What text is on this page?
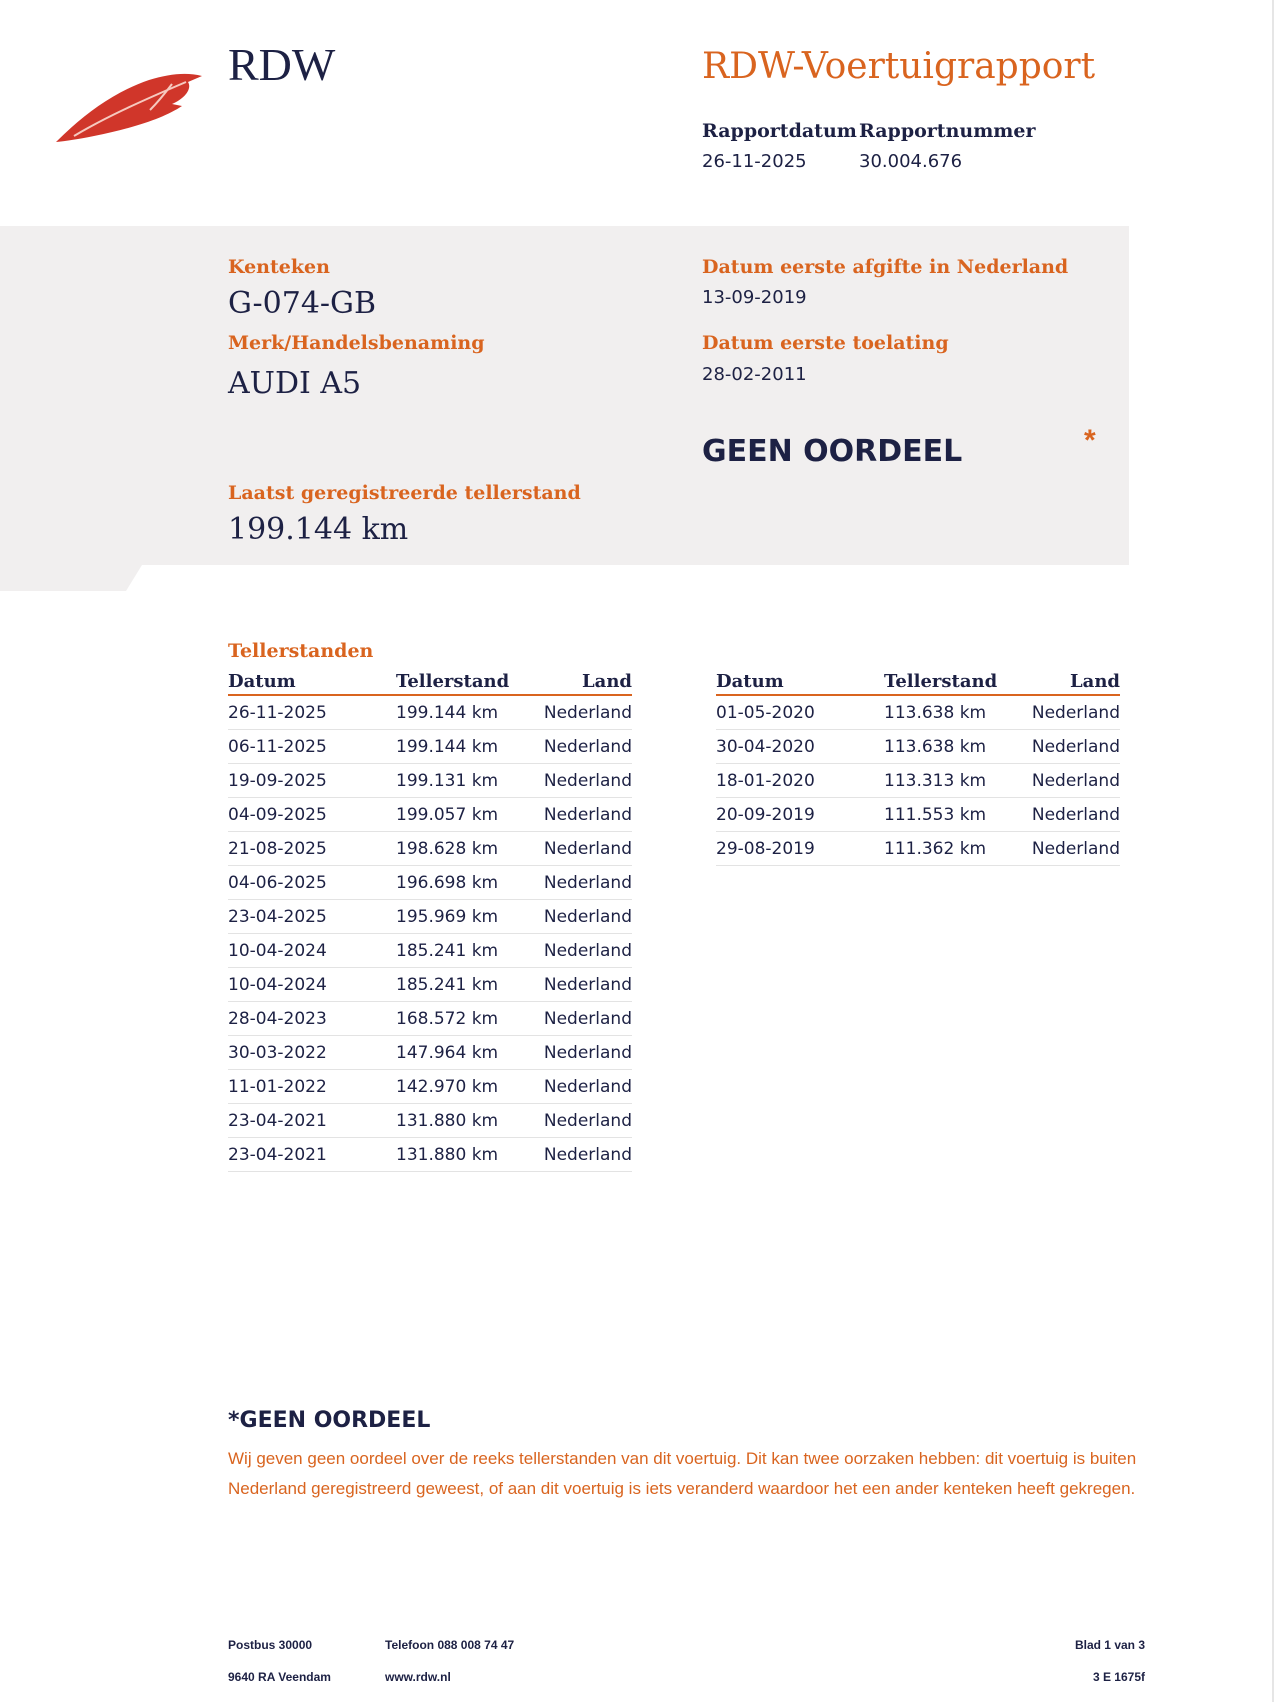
RDW	RDW-Voertuigrapport
Rapportdatum
26-11-2025
Rapportnummer
30.004.676
Kenteken
G-074-GB
Merk/Handelsbenaming
AUDI A5
Datum eerste afgifte in Nederland
13-09-2019
Datum eerste toelating
28-02-2011
GEEN OORDEEL	*
Laatst geregistreerde tellerstand
199.144 km
Tellerstanden
Datum	Tellerstand	Land
26-11-2025	199.144 km	Nederland
06-11-2025	199.144 km	Nederland
19-09-2025	199.131 km	Nederland
04-09-2025	199.057 km	Nederland
21-08-2025	198.628 km	Nederland
04-06-2025	196.698 km	Nederland
23-04-2025	195.969 km	Nederland
10-04-2024	185.241 km	Nederland
10-04-2024	185.241 km	Nederland
28-04-2023	168.572 km	Nederland
30-03-2022	147.964 km	Nederland
11-01-2022	142.970 km	Nederland
23-04-2021	131.880 km	Nederland
23-04-2021	131.880 km	Nederland
Datum	Tellerstand	Land
01-05-2020	113.638 km	Nederland
30-04-2020	113.638 km	Nederland
18-01-2020	113.313 km	Nederland
20-09-2019	111.553 km	Nederland
29-08-2019	111.362 km	Nederland
*GEEN OORDEEL
Wij geven geen oordeel over de reeks tellerstanden van dit voertuig. Dit kan twee oorzaken hebben: dit voertuig is buiten Nederland geregistreerd geweest, of aan dit voertuig is iets veranderd waardoor het een ander kenteken heeft gekregen.
Postbus 30000
9640 RA Veendam
Telefoon 088 008 74 47
www.rdw.nl
Blad 1 van 3
3 E 1675f
